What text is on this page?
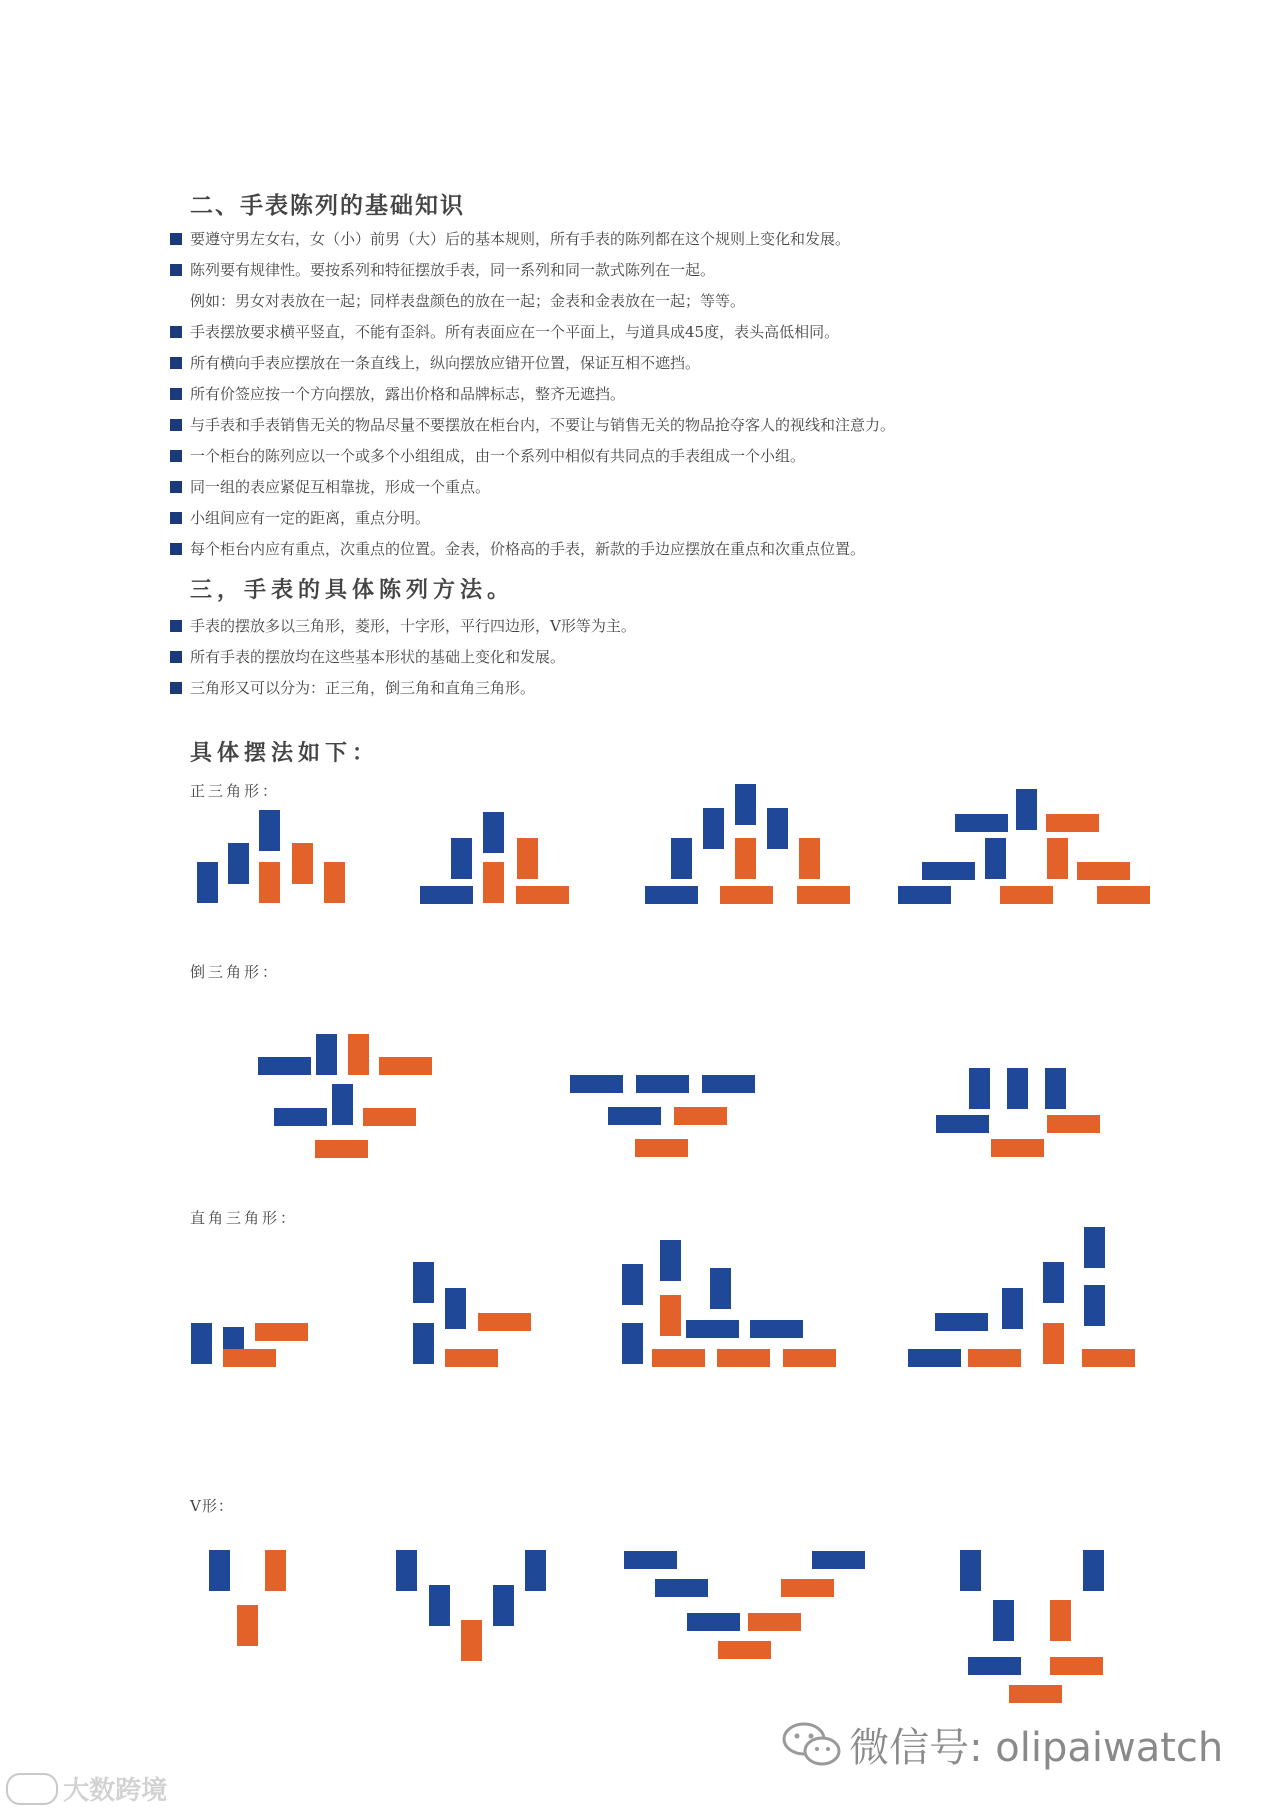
二、手表陈列的基础知识
要遵守男左女右，女（小）前男（大）后的基本规则，所有手表的陈列都在这个规则上变化和发展。
陈列要有规律性。要按系列和特征摆放手表，同一系列和同一款式陈列在一起。
例如：男女对表放在一起；同样表盘颜色的放在一起；金表和金表放在一起；等等。
手表摆放要求横平竖直，不能有歪斜。所有表面应在一个平面上，与道具成45度，表头高低相同。
所有横向手表应摆放在一条直线上，纵向摆放应错开位置，保证互相不遮挡。
所有价签应按一个方向摆放，露出价格和品牌标志，整齐无遮挡。
与手表和手表销售无关的物品尽量不要摆放在柜台内，不要让与销售无关的物品抢夺客人的视线和注意力。
一个柜台的陈列应以一个或多个小组组成，由一个系列中相似有共同点的手表组成一个小组。
同一组的表应紧促互相靠拢，形成一个重点。
小组间应有一定的距离，重点分明。
每个柜台内应有重点，次重点的位置。金表，价格高的手表，新款的手边应摆放在重点和次重点位置。
三，手表的具体陈列方法。
手表的摆放多以三角形，菱形，十字形，平行四边形，V形等为主。
所有手表的摆放均在这些基本形状的基础上变化和发展。
三角形又可以分为：正三角，倒三角和直角三角形。
具体摆法如下：
正三角形：
倒三角形：
直角三角形：
V形：
微信号: olipaiwatch
大数跨境
